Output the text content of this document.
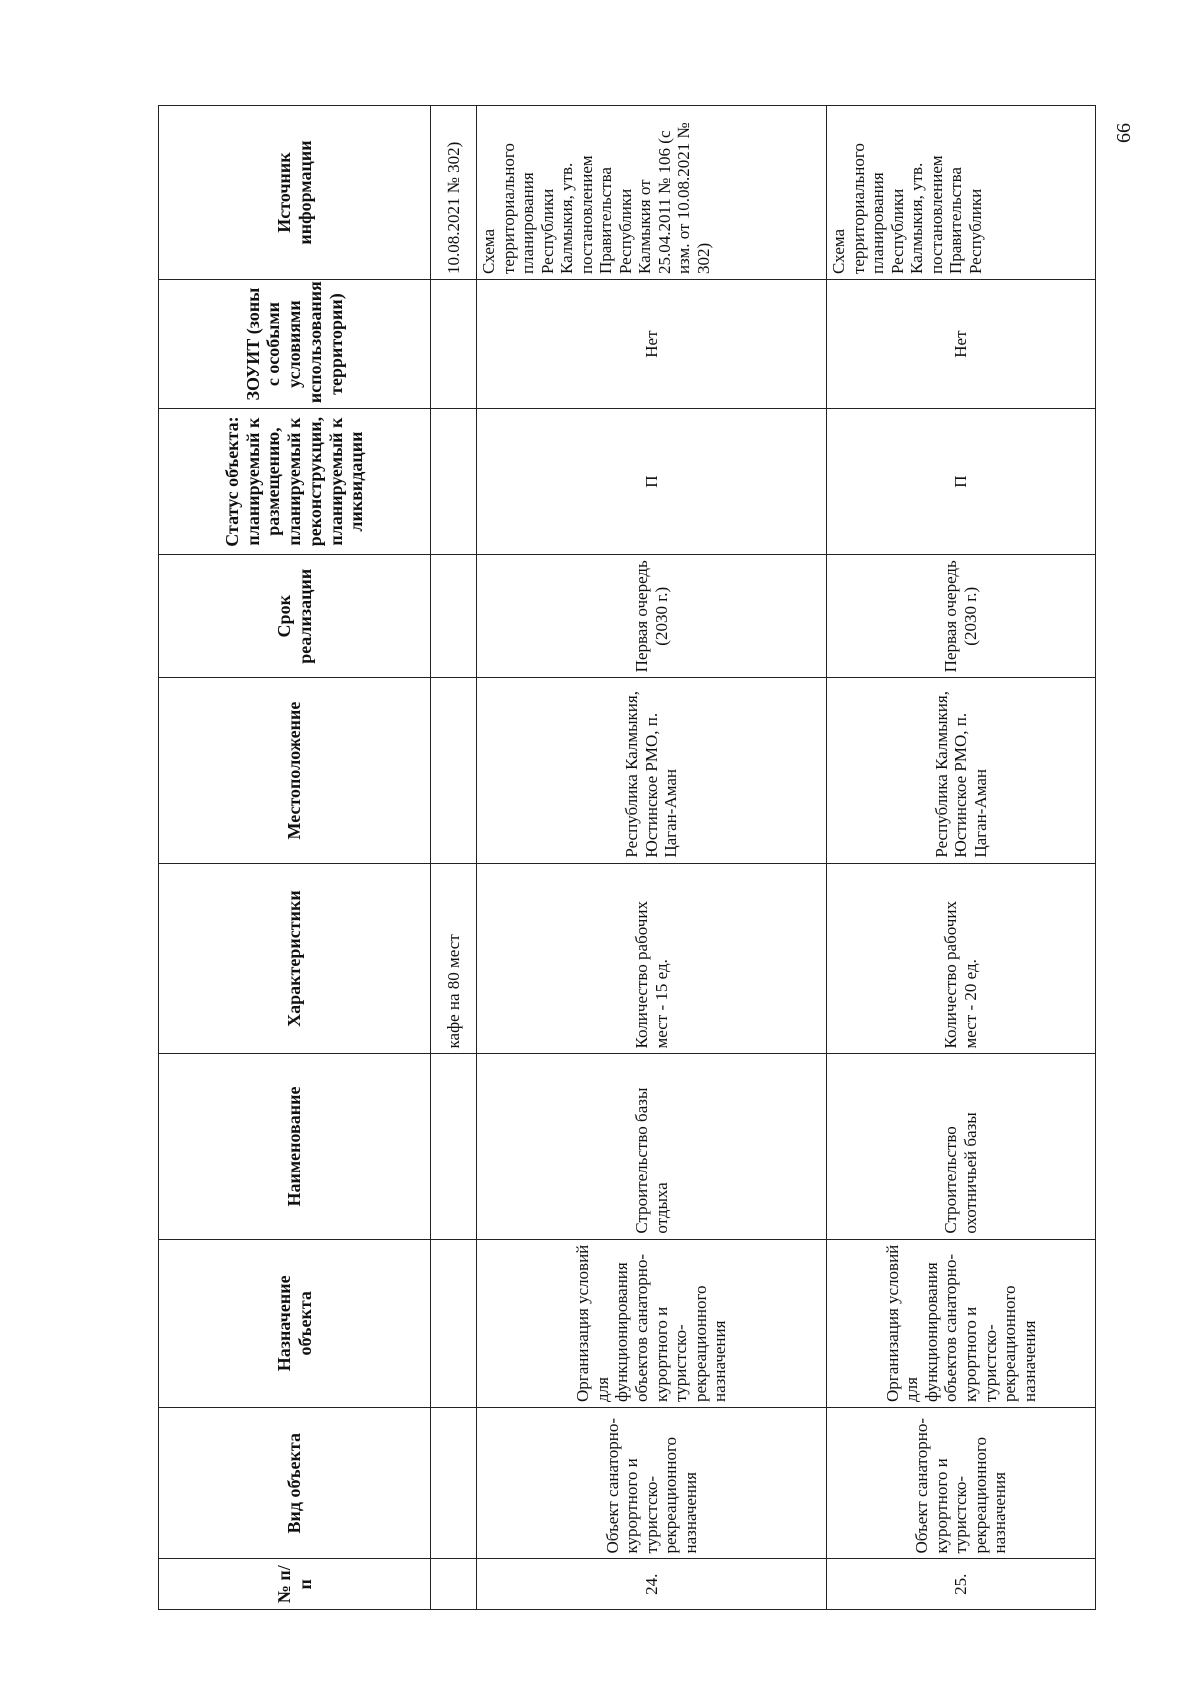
№ п/п	Вид объекта	Назначение объекта	Наименование	Характеристики	Местоположение	Срок реализации	Статус объекта: планируемый к размещению, планируемый к реконструкции, планируемый к ликвидации	ЗОУИТ (зоны с особыми условиями использования территории)	Источник информации
				кафе на 80 мест					10.08.2021 № 302)
24.	Объект санаторно-курортного и туристско-рекреационного назначения	Организация условий для функционирования объектов санаторно-курортного и туристско-рекреационного назначения	Строительство базы отдыха	Количество рабочих мест - 15 ед.	Республика Калмыкия, Юстинское РМО, п. Цаган-Аман	Первая очередь (2030 г.)	П	Нет	Схема территориального планирования Республики Калмыкия, утв. постановлением Правительства Республики Калмыкия от 25.04.2011 № 106 (с изм. от 10.08.2021 № 302)
25.	Объект санаторно-курортного и туристско-рекреационного назначения	Организация условий для функционирования объектов санаторно-курортного и туристско-рекреационного назначения	Строительство охотничьей базы	Количество рабочих мест - 20 ед.	Республика Калмыкия, Юстинское РМО, п. Цаган-Аман	Первая очередь (2030 г.)	П	Нет	Схема территориального планирования Республики Калмыкия, утв. постановлением Правительства Республики
66
